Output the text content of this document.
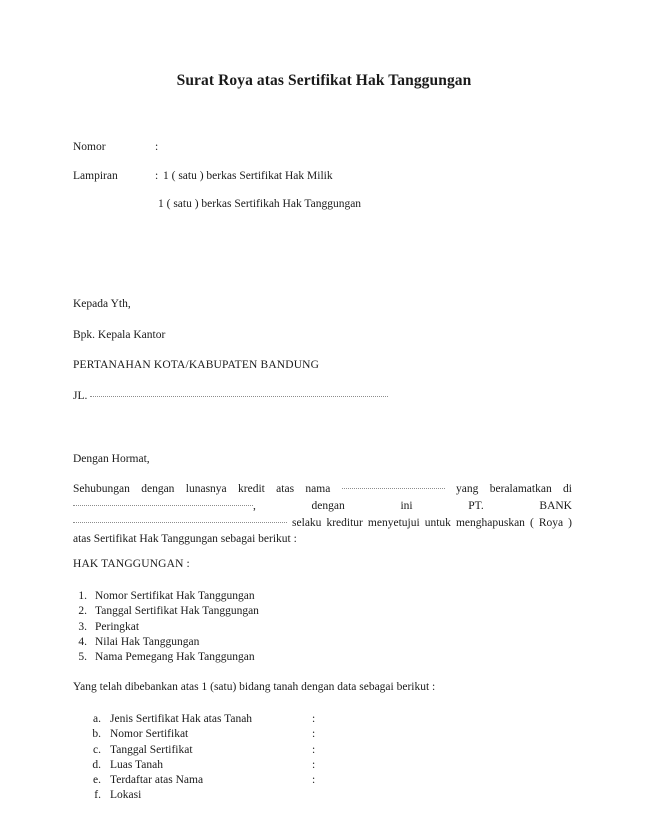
Surat Roya atas Sertifikat Hak Tanggungan
Nomor	:
Lampiran	: 1 ( satu ) berkas Sertifikat Hak Milik
1 ( satu ) berkas Sertifikah Hak Tanggungan
Kepada Yth,
Bpk. Kepala Kantor
PERTANAHAN KOTA/KABUPATEN BANDUNG
JL.
Dengan Hormat,
Sehubungan dengan lunasnya kredit atas nama	yang beralamatkan di , dengan ini PT. BANK  selaku kreditur menyetujui untuk menghapuskan ( Roya ) atas Sertifikat Hak Tanggungan sebagai berikut :
HAK TANGGUNGAN :
1. Nomor Sertifikat Hak Tanggungan
2. Tanggal Sertifikat Hak Tanggungan
3. Peringkat
4. Nilai Hak Tanggungan
5. Nama Pemegang Hak Tanggungan
Yang telah dibebankan atas 1 (satu) bidang tanah dengan data sebagai berikut :
a. Jenis Sertifikat Hak atas Tanah	:
b. Nomor Sertifikat	:
c. Tanggal Sertifikat	:
d. Luas Tanah	:
e. Terdaftar atas Nama	:
f. Lokasi
